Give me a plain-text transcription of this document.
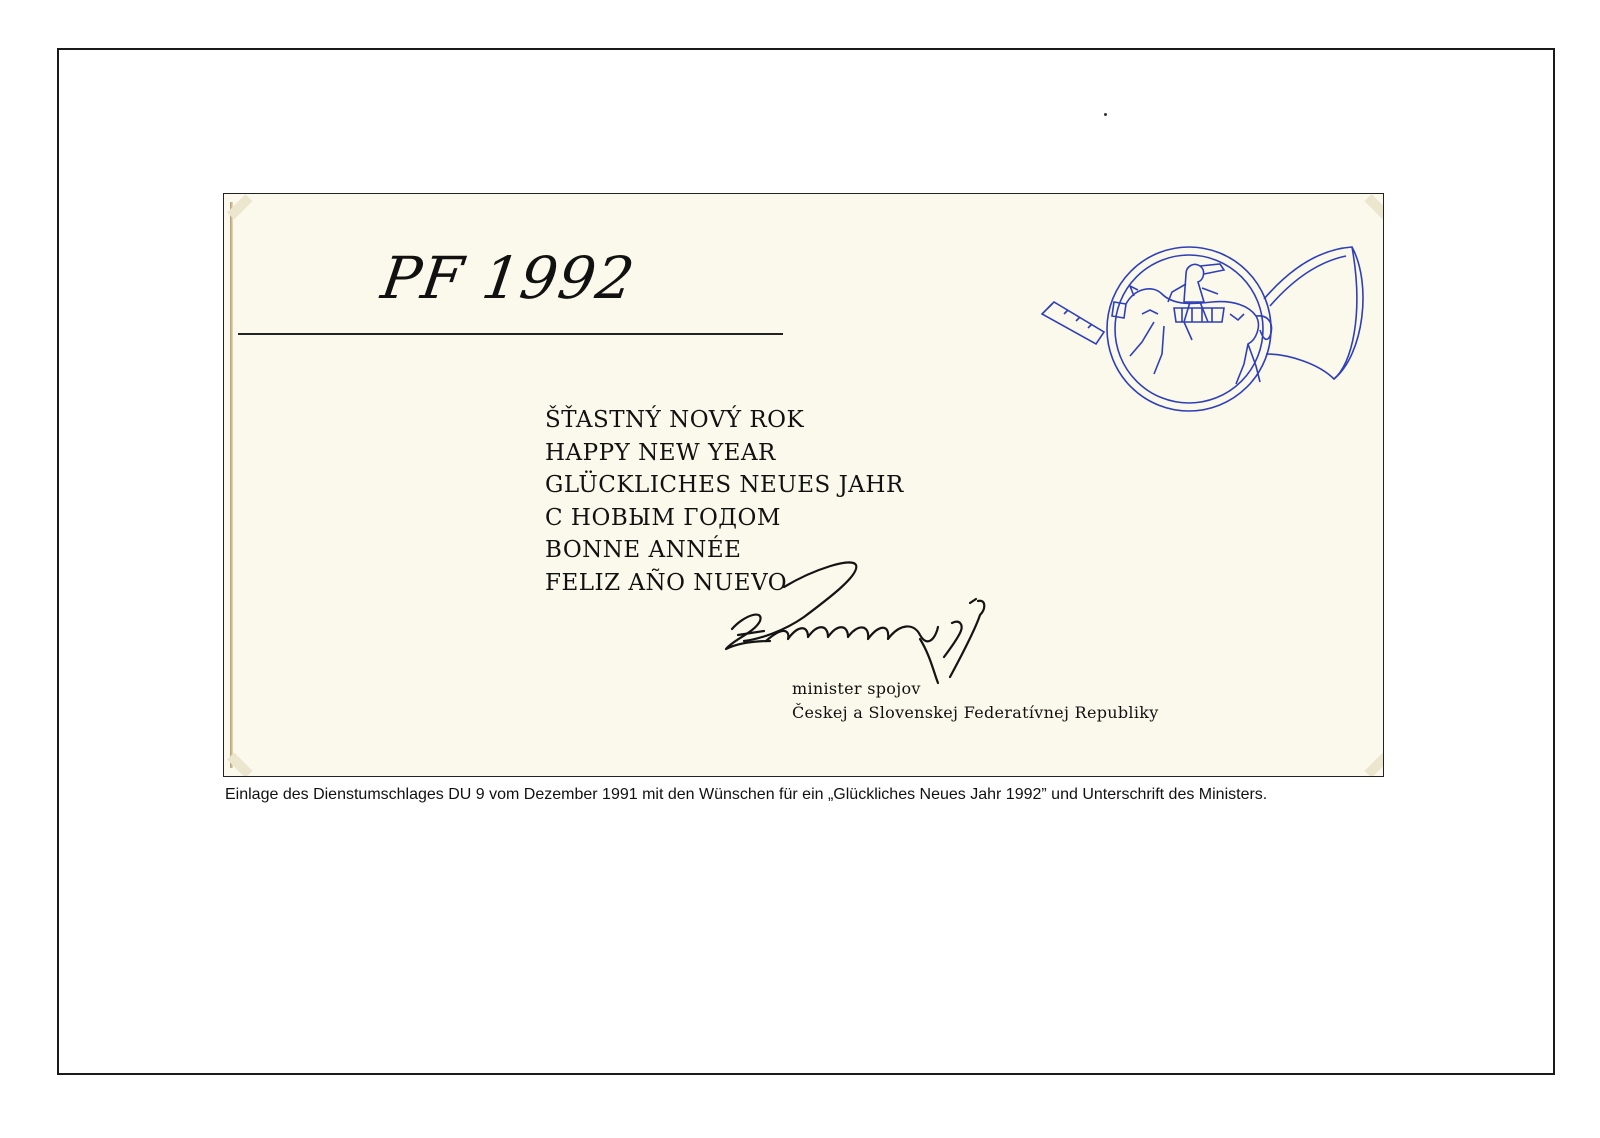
PF 1992
ŠŤASTNÝ NOVÝ ROK
HAPPY NEW YEAR
GLÜCKLICHES NEUES JAHR
С НОВЫМ ГОДОМ
BONNE ANNÉE
FELIZ AÑO NUEVO
minister spojov
Českej a Slovenskej Federatívnej Republiky
Einlage des Dienstumschlages DU 9 vom Dezember 1991 mit den Wünschen für ein „Glückliches Neues Jahr 1992” und Unterschrift des Ministers.
